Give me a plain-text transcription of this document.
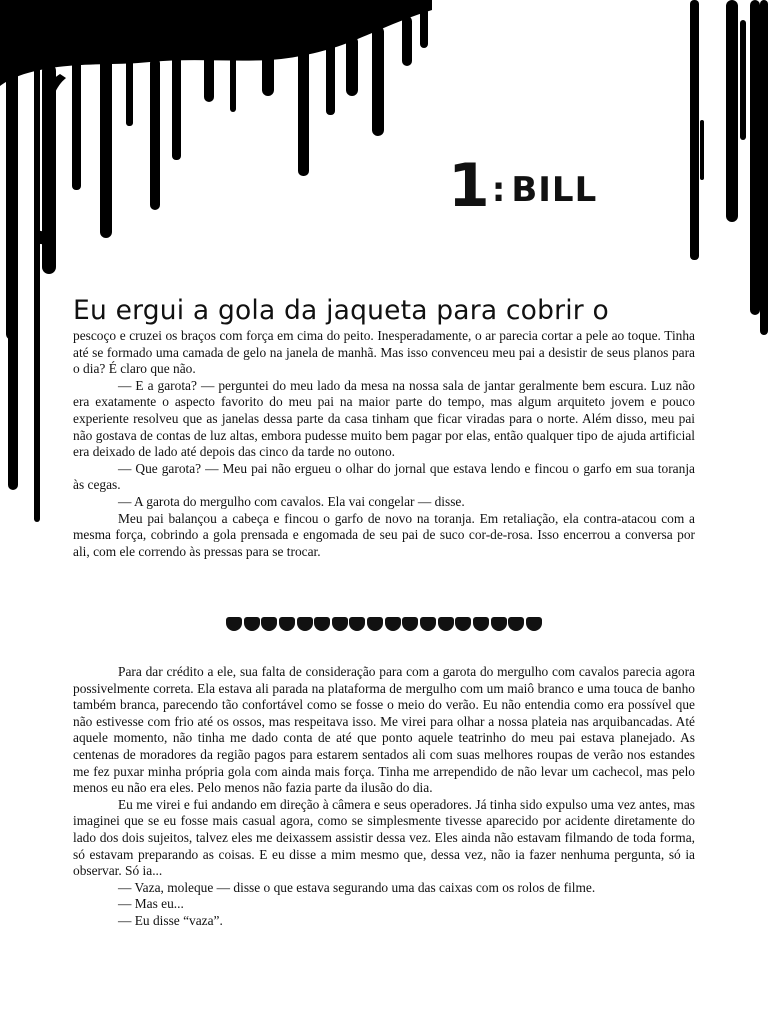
1 : BILL
Eu ergui a gola da jaqueta para cobrir o

pescoço e cruzei os braços com força em cima do peito. Inesperadamente, o ar parecia cortar a pele ao toque. Tinha até se formado uma camada de gelo na janela de manhã. Mas isso convenceu meu pai a desistir de seus planos para o dia? É claro que não.

— E a garota? — perguntei do meu lado da mesa na nossa sala de jantar geralmente bem escura. Luz não era exatamente o aspecto favorito do meu pai na maior parte do tempo, mas algum arquiteto jovem e pouco experiente resolveu que as janelas dessa parte da casa tinham que ficar viradas para o norte. Além disso, meu pai não gostava de contas de luz altas, embora pudesse muito bem pagar por elas, então qualquer tipo de ajuda artificial era deixado de lado até depois das cinco da tarde no outono.

— Que garota? — Meu pai não ergueu o olhar do jornal que estava lendo e fincou o garfo em sua toranja às cegas.

— A garota do mergulho com cavalos. Ela vai congelar — disse.

Meu pai balançou a cabeça e fincou o garfo de novo na toranja. Em retaliação, ela contra-atacou com a mesma força, cobrindo a gola prensada e engomada de seu pai de suco cor-de-rosa. Isso encerrou a conversa por ali, com ele correndo às pressas para se trocar.

Para dar crédito a ele, sua falta de consideração para com a garota do mergulho com cavalos parecia agora possivelmente correta. Ela estava ali parada na plataforma de mergulho com um maiô branco e uma touca de banho também branca, parecendo tão confortável como se fosse o meio do verão. Eu não entendia como era possível que não estivesse com frio até os ossos, mas respeitava isso. Me virei para olhar a nossa plateia nas arquibancadas. Até aquele momento, não tinha me dado conta de até que ponto aquele teatrinho do meu pai estava planejado. As centenas de moradores da região pagos para estarem sentados ali com suas melhores roupas de verão nos estandes me fez puxar minha própria gola com ainda mais força. Tinha me arrependido de não levar um cachecol, mas pelo menos eu não era eles. Pelo menos não fazia parte da ilusão do dia.

Eu me virei e fui andando em direção à câmera e seus operadores. Já tinha sido expulso uma vez antes, mas imaginei que se eu fosse mais casual agora, como se simplesmente tivesse aparecido por acidente diretamente do lado dos dois sujeitos, talvez eles me deixassem assistir dessa vez. Eles ainda não estavam filmando de toda forma, só estavam preparando as coisas. E eu disse a mim mesmo que, dessa vez, não ia fazer nenhuma pergunta, só ia observar. Só ia...

— Vaza, moleque — disse o que estava segurando uma das caixas com os rolos de filme.

— Mas eu...

— Eu disse “vaza”.
